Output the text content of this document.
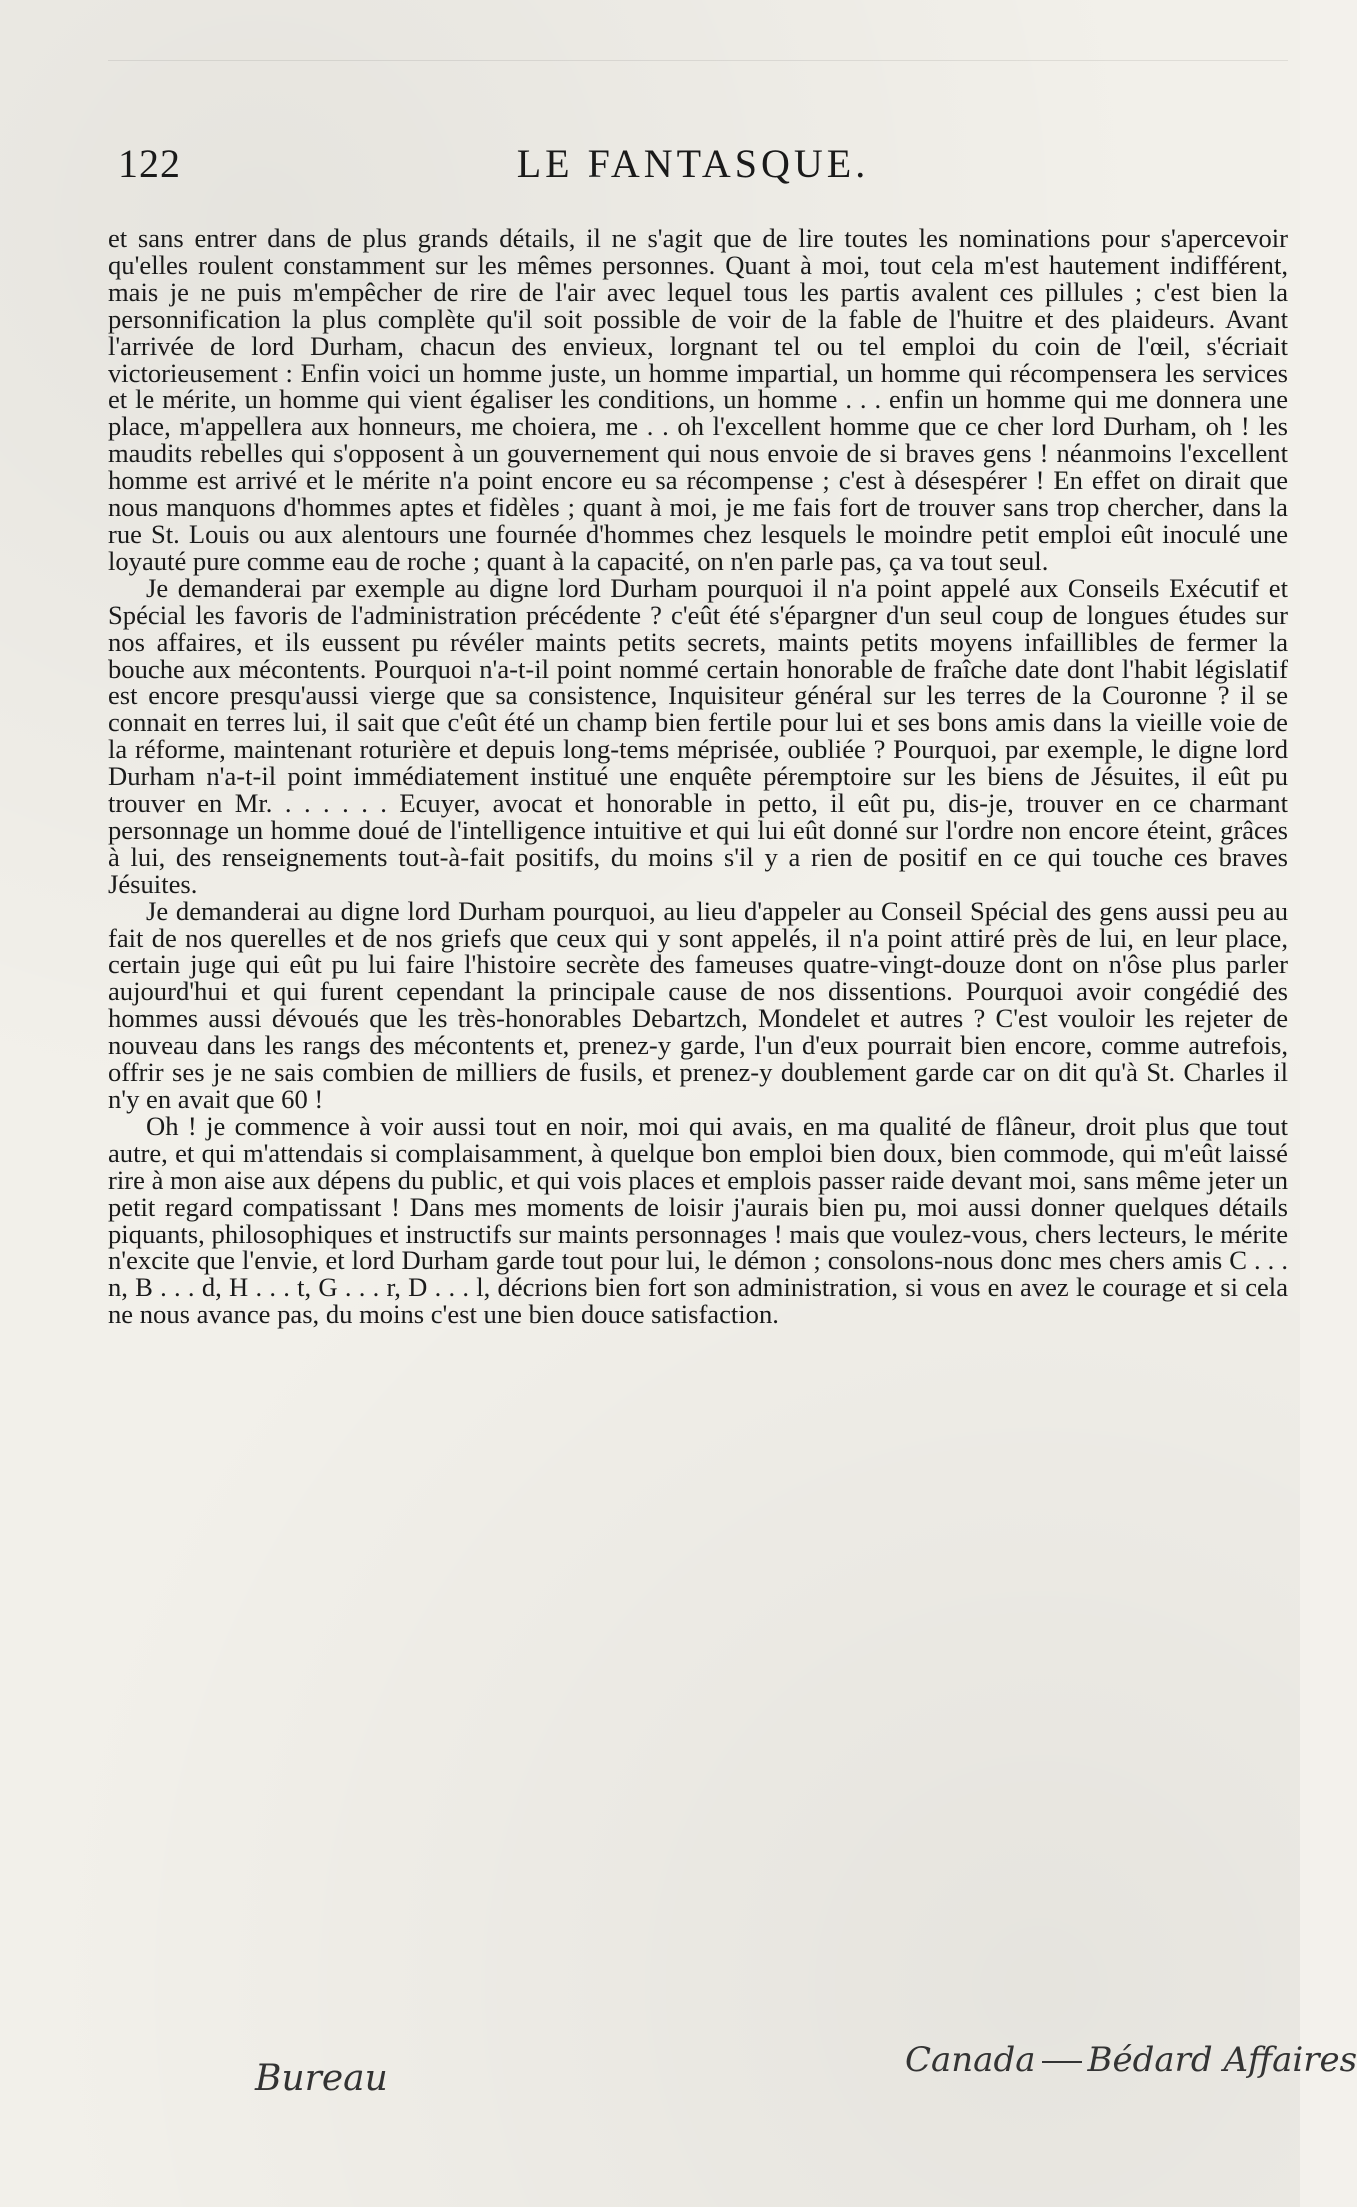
122	LE FANTASQUE.

et sans entrer dans de plus grands détails, il ne s'agit que de lire toutes les nominations pour s'apercevoir qu'elles roulent constamment sur les mêmes personnes. Quant à moi, tout cela m'est hautement indifférent, mais je ne puis m'empêcher de rire de l'air avec lequel tous les partis avalent ces pillules ; c'est bien la personnification la plus complète qu'il soit possible de voir de la fable de l'huitre et des plaideurs. Avant l'arrivée de lord Durham, chacun des envieux, lorgnant tel ou tel emploi du coin de l'œil, s'écriait victorieusement : Enfin voici un homme juste, un homme impartial, un homme qui récompensera les services et le mérite, un homme qui vient égaliser les conditions, un homme . . . enfin un homme qui me donnera une place, m'appellera aux honneurs, me choiera, me . . oh l'excellent homme que ce cher lord Durham, oh ! les maudits rebelles qui s'opposent à un gouvernement qui nous envoie de si braves gens ! néanmoins l'excellent homme est arrivé et le mérite n'a point encore eu sa récompense ; c'est à désespérer ! En effet on dirait que nous manquons d'hommes aptes et fidèles ; quant à moi, je me fais fort de trouver sans trop chercher, dans la rue St. Louis ou aux alentours une fournée d'hommes chez lesquels le moindre petit emploi eût inoculé une loyauté pure comme eau de roche ; quant à la capacité, on n'en parle pas, ça va tout seul.

Je demanderai par exemple au digne lord Durham pourquoi il n'a point appelé aux Conseils Exécutif et Spécial les favoris de l'administration précédente ? c'eût été s'épargner d'un seul coup de longues études sur nos affaires, et ils eussent pu révéler maints petits secrets, maints petits moyens infaillibles de fermer la bouche aux mécontents. Pourquoi n'a-t-il point nommé certain honorable de fraîche date dont l'habit législatif est encore presqu'aussi vierge que sa consistence, Inquisiteur général sur les terres de la Couronne ? il se connait en terres lui, il sait que c'eût été un champ bien fertile pour lui et ses bons amis dans la vieille voie de la réforme, maintenant roturière et depuis long-tems méprisée, oubliée ? Pourquoi, par exemple, le digne lord Durham n'a-t-il point immédiatement institué une enquête péremptoire sur les biens de Jésuites, il eût pu trouver en Mr. . . . . . . Ecuyer, avocat et honorable in petto, il eût pu, dis-je, trouver en ce charmant personnage un homme doué de l'intelligence intuitive et qui lui eût donné sur l'ordre non encore éteint, grâces à lui, des renseignements tout-à-fait positifs, du moins s'il y a rien de positif en ce qui touche ces braves Jésuites.

Je demanderai au digne lord Durham pourquoi, au lieu d'appeler au Conseil Spécial des gens aussi peu au fait de nos querelles et de nos griefs que ceux qui y sont appelés, il n'a point attiré près de lui, en leur place, certain juge qui eût pu lui faire l'histoire secrète des fameuses quatre-vingt-douze dont on n'ôse plus parler aujourd'hui et qui furent cependant la principale cause de nos dissentions. Pourquoi avoir congédié des hommes aussi dévoués que les très-honorables Debartzch, Mondelet et autres ? C'est vouloir les rejeter de nouveau dans les rangs des mécontents et, prenez-y garde, l'un d'eux pourrait bien encore, comme autrefois, offrir ses je ne sais combien de milliers de fusils, et prenez-y doublement garde car on dit qu'à St. Charles il n'y en avait que 60 !

Oh ! je commence à voir aussi tout en noir, moi qui avais, en ma qualité de flâneur, droit plus que tout autre, et qui m'attendais si complaisamment, à quelque bon emploi bien doux, bien commode, qui m'eût laissé rire à mon aise aux dépens du public, et qui vois places et emplois passer raide devant moi, sans même jeter un petit regard compatissant ! Dans mes moments de loisir j'aurais bien pu, moi aussi donner quelques détails piquants, philosophiques et instructifs sur maints personnages ! mais que voulez-vous, chers lecteurs, le mérite n'excite que l'envie, et lord Durham garde tout pour lui, le démon ; consolons-nous donc mes chers amis C . . . n, B . . . d, H . . . t, G . . . r, D . . . l, décrions bien fort son administration, si vous en avez le courage et si cela ne nous avance pas, du moins c'est une bien douce satisfaction.

Bureau	Canada Bédard Affaires
